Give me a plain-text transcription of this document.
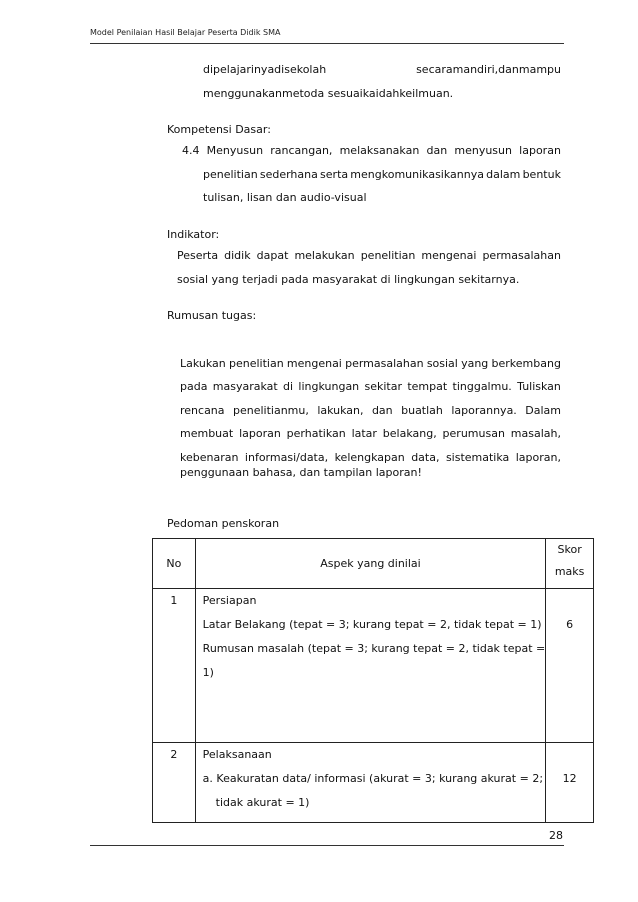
Model Penilaian Hasil Belajar Peserta Didik SMA
dipelajarinyadisekolah	secaramandiri,danmampu
menggunakanmetoda sesuaikaidahkeilmuan.
Kompetensi Dasar:
4.4 Menyusun rancangan, melaksanakan dan menyusun laporan
penelitian sederhana serta mengkomunikasikannya dalam bentuk
tulisan, lisan dan audio-visual
Indikator:
Peserta didik dapat melakukan penelitian mengenai permasalahan
sosial yang terjadi pada masyarakat di lingkungan sekitarnya.
Rumusan tugas:
Lakukan penelitian mengenai permasalahan sosial yang berkembang
pada masyarakat di lingkungan sekitar tempat tinggalmu. Tuliskan
rencana penelitianmu, lakukan, dan buatlah laporannya. Dalam
membuat laporan perhatikan latar belakang, perumusan masalah,
kebenaran informasi/data, kelengkapan data, sistematika laporan,
penggunaan bahasa, dan tampilan laporan!
Pedoman penskoran
No	Aspek yang dinilai	Skor
maks

1	Persiapan
Latar Belakang (tepat = 3; kurang tepat = 2, tidak tepat = 1)
Rumusan masalah (tepat = 3; kurang tepat = 2, tidak tepat =
1)	6

2	Pelaksanaan
a. Keakuratan data/ informasi (akurat = 3; kurang akurat = 2;
tidak akurat = 1)	12
28
